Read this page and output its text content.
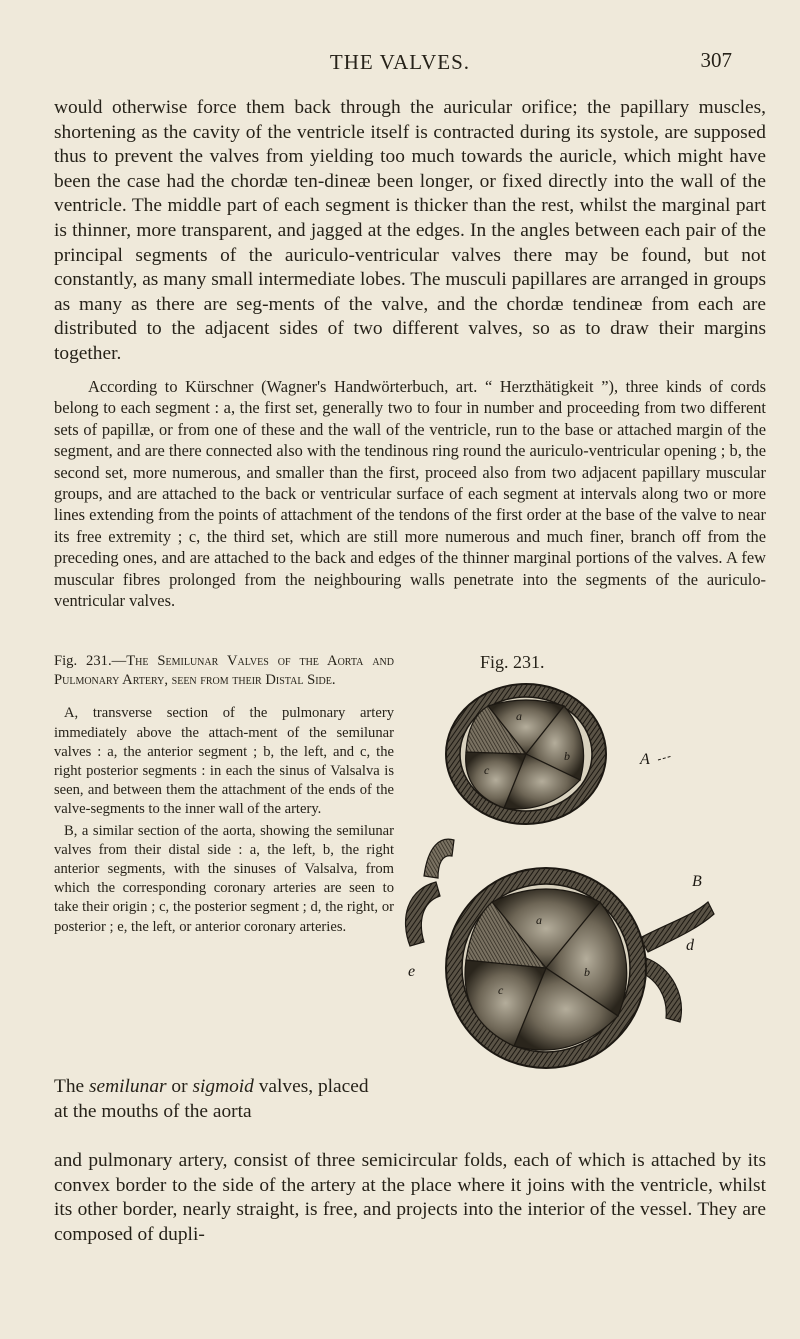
THE VALVES.	307

would otherwise force them back through the auricular orifice; the papillary muscles, shortening as the cavity of the ventricle itself is contracted during its systole, are supposed thus to prevent the valves from yielding too much towards the auricle, which might have been the case had the chordæ ten-dineæ been longer, or fixed directly into the wall of the ventricle. The middle part of each segment is thicker than the rest, whilst the marginal part is thinner, more transparent, and jagged at the edges. In the angles between each pair of the principal segments of the auriculo-ventricular valves there may be found, but not constantly, as many small intermediate lobes. The musculi papillares are arranged in groups as many as there are seg-ments of the valve, and the chordæ tendineæ from each are distributed to the adjacent sides of two different valves, so as to draw their margins together.

According to Kürschner (Wagner's Handwörterbuch, art. “ Herzthätigkeit ”), three kinds of cords belong to each segment : a, the first set, generally two to four in number and proceeding from two different sets of papillæ, or from one of these and the wall of the ventricle, run to the base or attached margin of the segment, and are there connected also with the tendinous ring round the auriculo-ventricular opening ; b, the second set, more numerous, and smaller than the first, proceed also from two adjacent papillary muscular groups, and are attached to the back or ventricular surface of each segment at intervals along two or more lines extending from the points of attachment of the tendons of the first order at the base of the valve to near its free extremity ; c, the third set, which are still more numerous and much finer, branch off from the preceding ones, and are attached to the back and edges of the thinner marginal portions of the valves. A few muscular fibres prolonged from the neighbouring walls penetrate into the segments of the auriculo-ventricular valves.

Fig. 231.—The Semilunar Valves of the Aorta and Pulmonary Artery, seen from their Distal Side.

A, transverse section of the pulmonary artery immediately above the attach-ment of the semilunar valves : a, the anterior segment ; b, the left, and c, the right posterior segments : in each the sinus of Valsalva is seen, and between them the attachment of the ends of the valve-segments to the inner wall of the artery.

B, a similar section of the aorta, showing the semilunar valves from their distal side : a, the left, b, the right anterior segments, with the sinuses of Valsalva, from which the corresponding coronary arteries are seen to take their origin ; c, the posterior segment ; d, the right, or posterior ; e, the left, or anterior coronary arteries.

Fig. 231.
a
b
c
A
a
b
c
d
e
B

The semilunar or sigmoid valves, placed at the mouths of the aorta

and pulmonary artery, consist of three semicircular folds, each of which is attached by its convex border to the side of the artery at the place where it joins with the ventricle, whilst its other border, nearly straight, is free, and projects into the interior of the vessel. They are composed of dupli-
